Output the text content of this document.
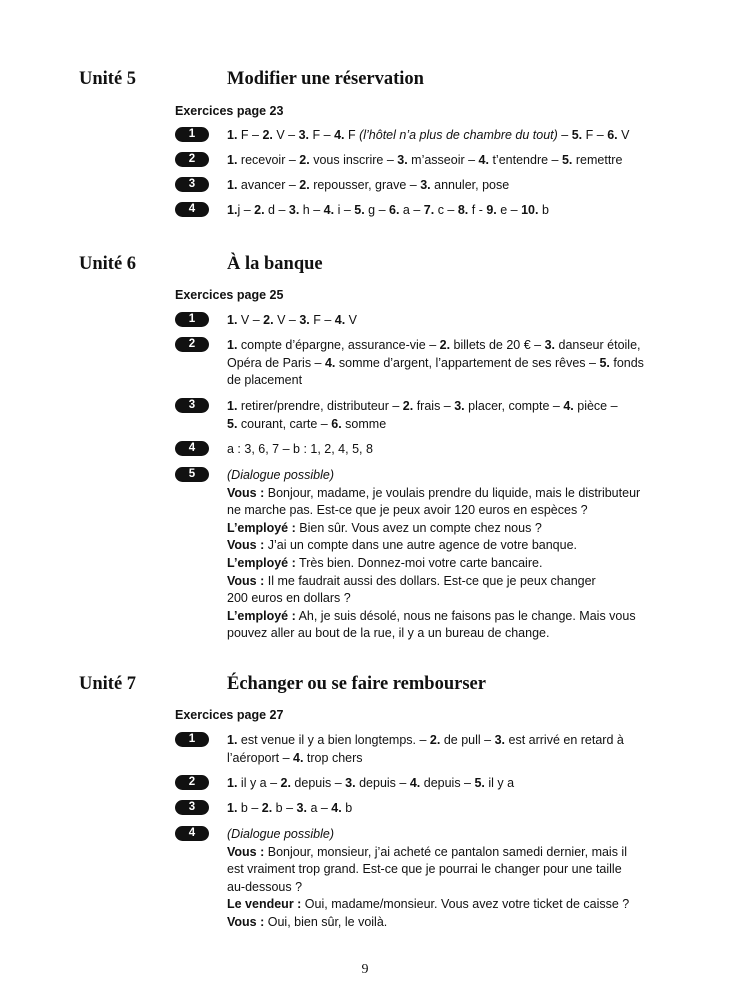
Unité 5	Modifier une réservation
Exercices page 23
1	1. F – 2. V – 3. F – 4. F (l’hôtel n’a plus de chambre du tout) – 5. F – 6. V
2	1. recevoir – 2. vous inscrire – 3. m’asseoir – 4. t’entendre – 5. remettre
3	1. avancer – 2. repousser, grave – 3. annuler, pose
4	1.j – 2. d – 3. h – 4. i – 5. g – 6. a – 7. c – 8. f - 9. e – 10. b
Unité 6	À la banque
Exercices page 25
1	1. V – 2. V – 3. F – 4. V
2	1. compte d’épargne, assurance-vie – 2. billets de 20 € – 3. danseur étoile,
Opéra de Paris – 4. somme d’argent, l’appartement de ses rêves – 5. fonds
de placement
3	1. retirer/prendre, distributeur – 2. frais – 3. placer, compte – 4. pièce –
5. courant, carte – 6. somme
4	a : 3, 6, 7 – b : 1, 2, 4, 5, 8
5	(Dialogue possible)
Vous : Bonjour, madame, je voulais prendre du liquide, mais le distributeur
ne marche pas. Est-ce que je peux avoir 120 euros en espèces ?
L’employé : Bien sûr. Vous avez un compte chez nous ?
Vous : J’ai un compte dans une autre agence de votre banque.
L’employé : Très bien. Donnez-moi votre carte bancaire.
Vous : Il me faudrait aussi des dollars. Est-ce que je peux changer
200 euros en dollars ?
L’employé : Ah, je suis désolé, nous ne faisons pas le change. Mais vous
pouvez aller au bout de la rue, il y a un bureau de change.
Unité 7	Échanger ou se faire rembourser
Exercices page 27
1	1. est venue il y a bien longtemps. – 2. de pull – 3. est arrivé en retard à
l’aéroport – 4. trop chers
2	1. il y a – 2. depuis – 3. depuis – 4. depuis – 5. il y a
3	1. b – 2. b – 3. a – 4. b
4	(Dialogue possible)
Vous : Bonjour, monsieur, j’ai acheté ce pantalon samedi dernier, mais il
est vraiment trop grand. Est-ce que je pourrai le changer pour une taille
au-dessous ?
Le vendeur : Oui, madame/monsieur. Vous avez votre ticket de caisse ?
Vous : Oui, bien sûr, le voilà.
9
